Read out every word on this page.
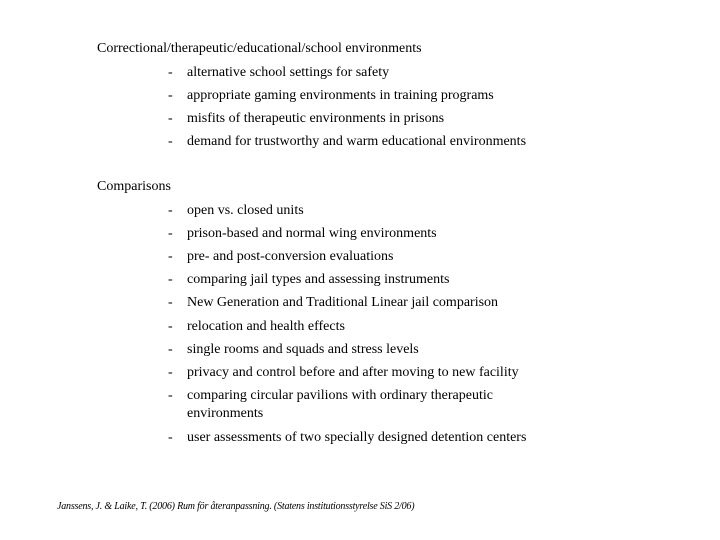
Correctional/therapeutic/educational/school environments
-	alternative school settings for safety
-	appropriate gaming environments in training programs
-	misfits of therapeutic environments in prisons
-	demand for trustworthy and warm educational environments
Comparisons
-	open vs. closed units
-	prison-based and normal wing environments
-	pre- and post-conversion evaluations
-	comparing jail types and assessing instruments
-	New Generation and Traditional Linear jail comparison
-	relocation and health effects
-	single rooms and squads and stress levels
-	privacy and control before and after moving to new facility
-	comparing circular pavilions with ordinary therapeutic environments
-	user assessments of two specially designed detention centers
Janssens, J. & Laike, T. (2006) Rum för återanpassning. (Statens institutionsstyrelse SiS 2/06)
